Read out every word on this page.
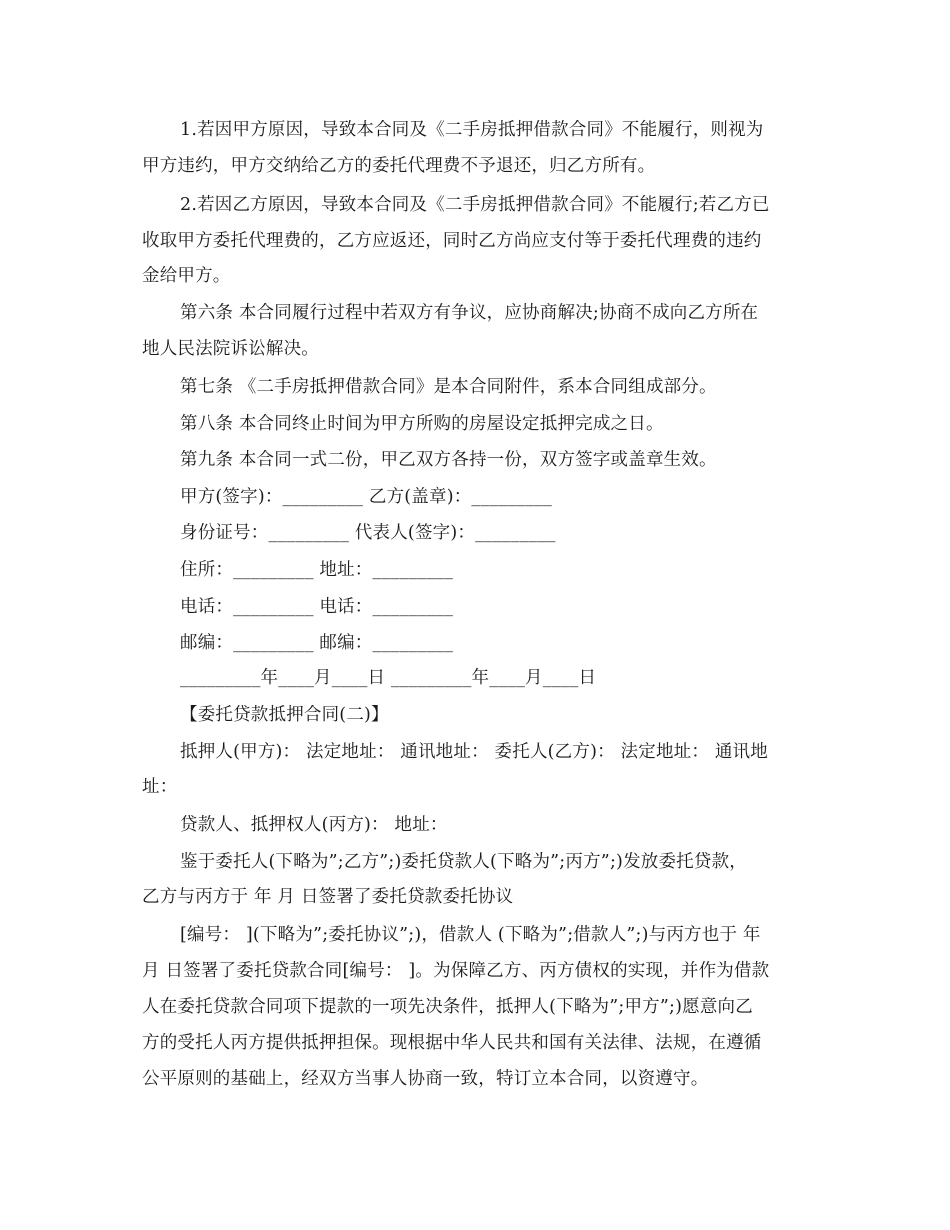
1.若因甲方原因，导致本合同及《二手房抵押借款合同》不能履行，则视为
甲方违约，甲方交纳给乙方的委托代理费不予退还，归乙方所有。
2.若因乙方原因，导致本合同及《二手房抵押借款合同》不能履行;若乙方已
收取甲方委托代理费的，乙方应返还，同时乙方尚应支付等于委托代理费的违约
金给甲方。
第六条 本合同履行过程中若双方有争议，应协商解决;协商不成向乙方所在
地人民法院诉讼解决。
第七条 《二手房抵押借款合同》是本合同附件，系本合同组成部分。
第八条 本合同终止时间为甲方所购的房屋设定抵押完成之日。
第九条 本合同一式二份，甲乙双方各持一份，双方签字或盖章生效。
甲方(签字)：_________ 乙方(盖章)：_________
身份证号：_________ 代表人(签字)：_________
住所：_________ 地址：_________
电话：_________ 电话：_________
邮编：_________ 邮编：_________
_________年____月____日 _________年____月____日
【委托贷款抵押合同(二)】
抵押人(甲方)： 法定地址： 通讯地址： 委托人(乙方)： 法定地址： 通讯地
址：
贷款人、抵押权人(丙方)： 地址：
鉴于委托人(下略为”;乙方”;)委托贷款人(下略为”;丙方”;)发放委托贷款，
乙方与丙方于 年 月 日签署了委托贷款委托协议
[编号： ](下略为”;委托协议”;)，借款人 (下略为”;借款人”;)与丙方也于 年
月 日签署了委托贷款合同[编号： ]。为保障乙方、丙方债权的实现，并作为借款
人在委托贷款合同项下提款的一项先决条件，抵押人(下略为”;甲方”;)愿意向乙
方的受托人丙方提供抵押担保。现根据中华人民共和国有关法律、法规，在遵循
公平原则的基础上，经双方当事人协商一致，特订立本合同，以资遵守。
